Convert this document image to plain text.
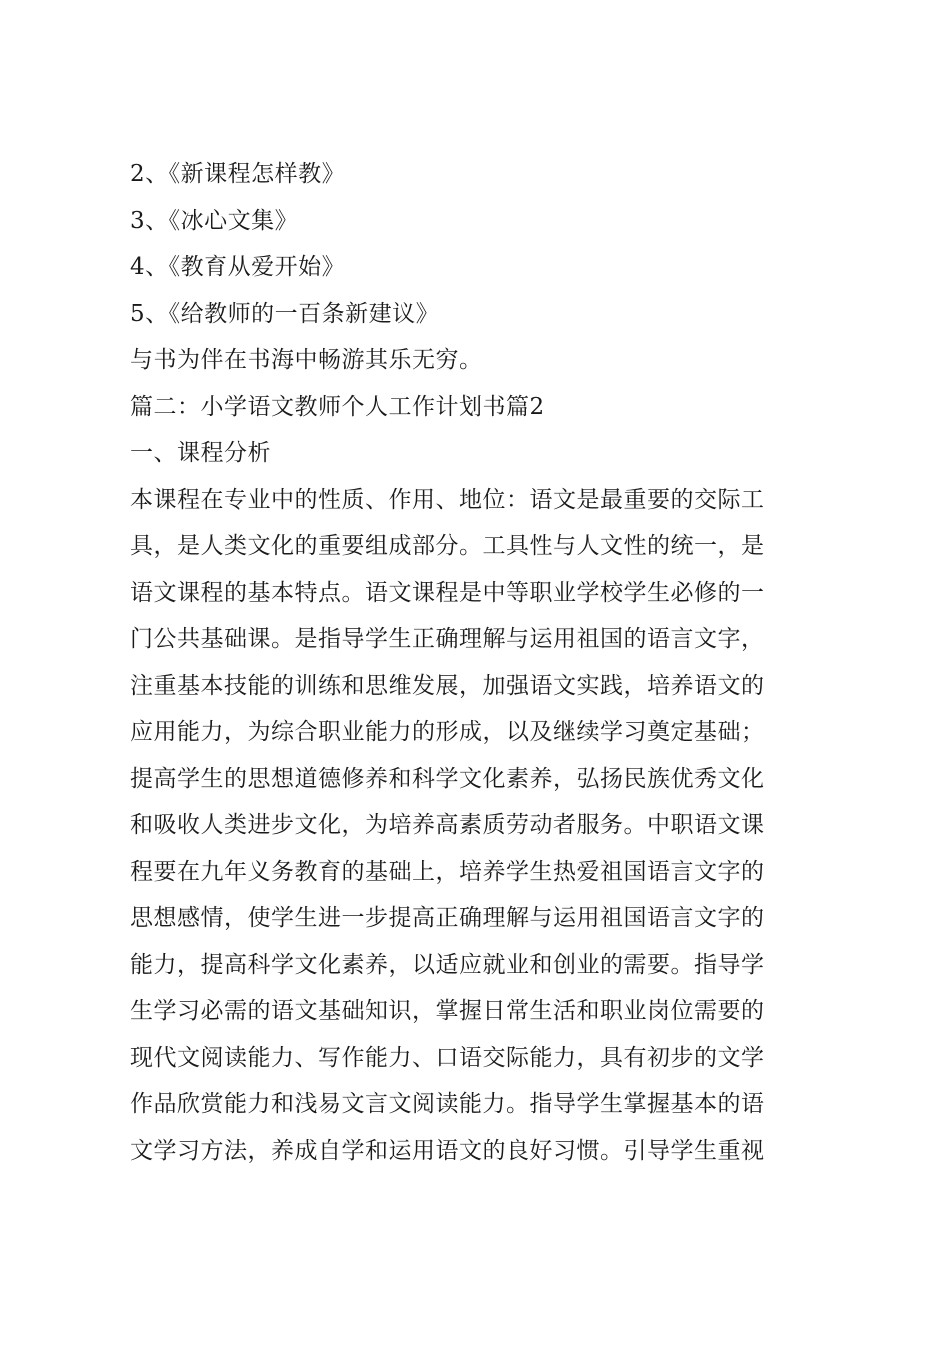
2、《新课程怎样教》
3、《冰心文集》
4、《教育从爱开始》
5、《给教师的一百条新建议》
与书为伴在书海中畅游其乐无穷。
篇二：小学语文教师个人工作计划书篇2
一、课程分析
本课程在专业中的性质、作用、地位：语文是最重要的交际工
具，是人类文化的重要组成部分。工具性与人文性的统一，是
语文课程的基本特点。语文课程是中等职业学校学生必修的一
门公共基础课。是指导学生正确理解与运用祖国的语言文字，
注重基本技能的训练和思维发展，加强语文实践，培养语文的
应用能力，为综合职业能力的形成，以及继续学习奠定基础；
提高学生的思想道德修养和科学文化素养，弘扬民族优秀文化
和吸收人类进步文化，为培养高素质劳动者服务。中职语文课
程要在九年义务教育的基础上，培养学生热爱祖国语言文字的
思想感情，使学生进一步提高正确理解与运用祖国语言文字的
能力，提高科学文化素养，以适应就业和创业的需要。指导学
生学习必需的语文基础知识，掌握日常生活和职业岗位需要的
现代文阅读能力、写作能力、口语交际能力，具有初步的文学
作品欣赏能力和浅易文言文阅读能力。指导学生掌握基本的语
文学习方法，养成自学和运用语文的良好习惯。引导学生重视
